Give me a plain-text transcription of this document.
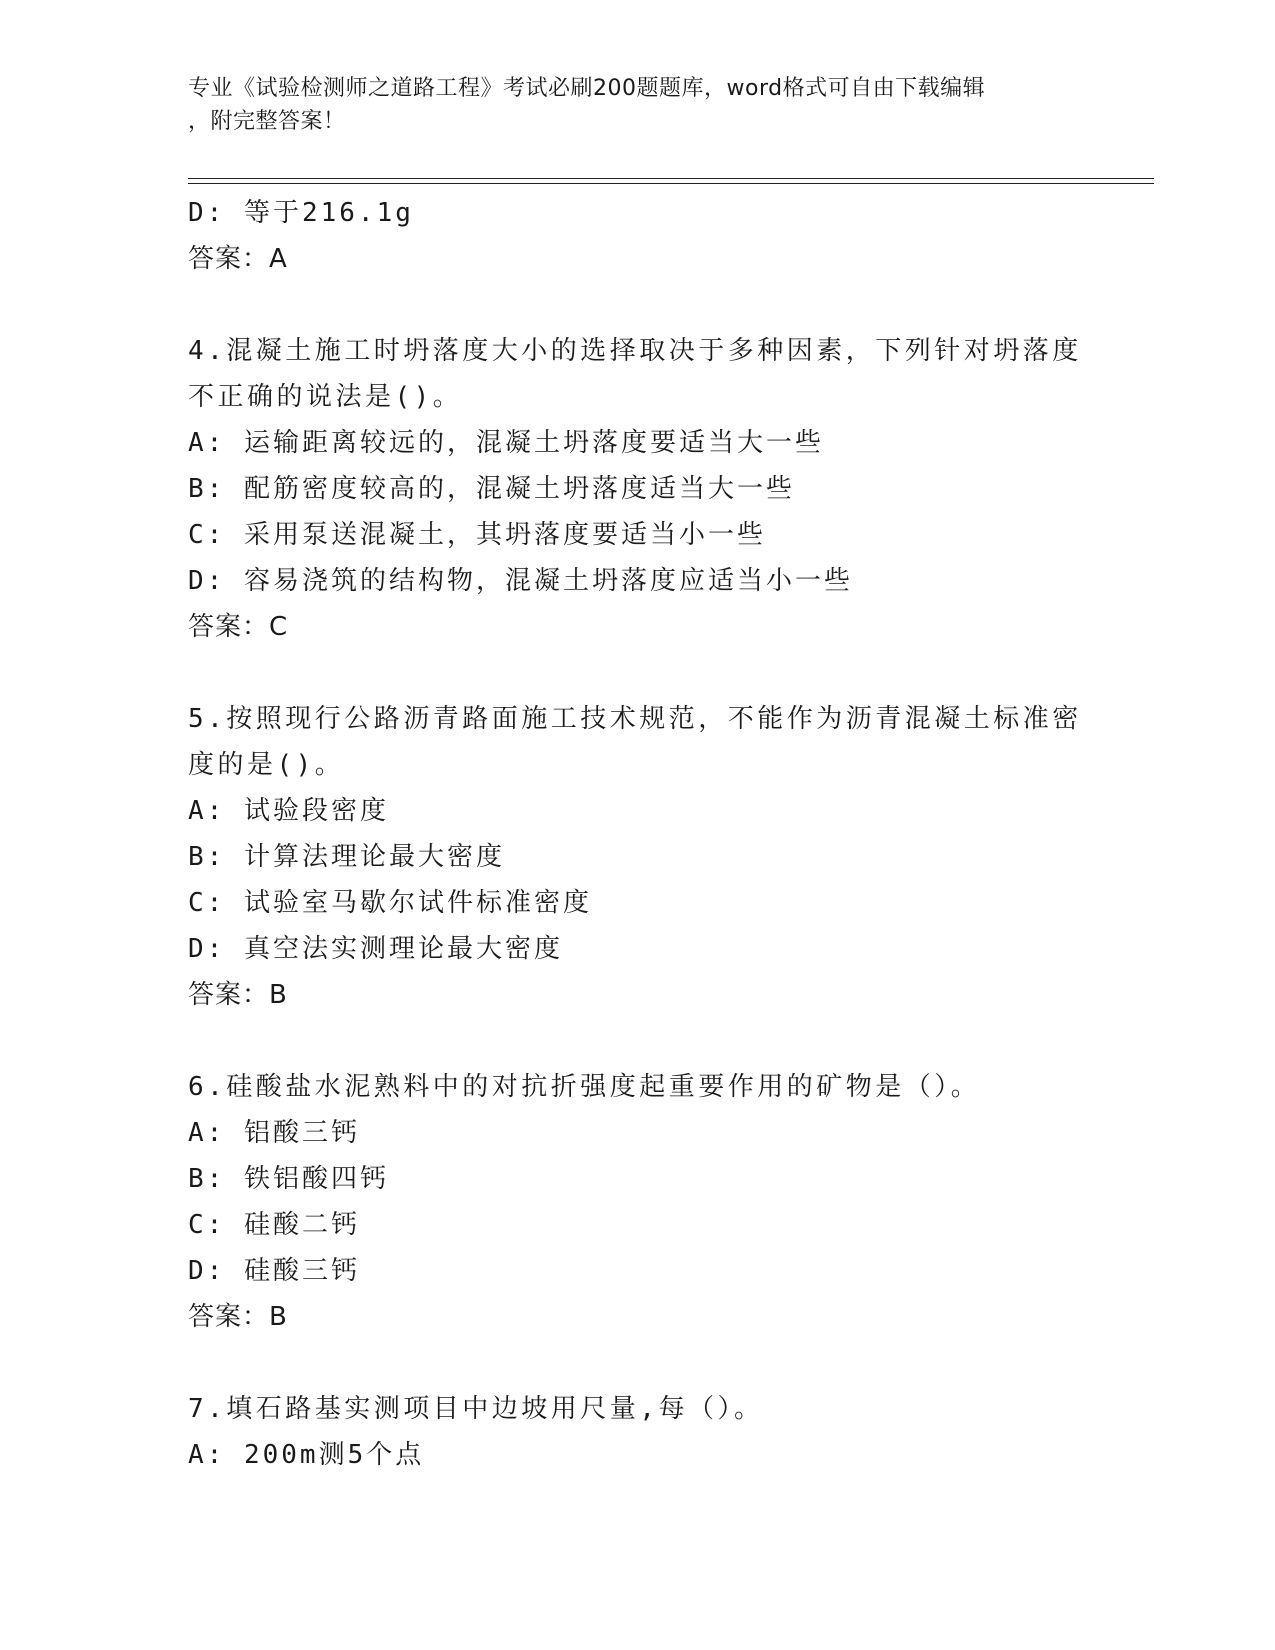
专业《试验检测师之道路工程》考试必刷200题题库，word格式可自由下载编辑
，附完整答案！
D: 等于216.1g
答案：A
4.混凝土施工时坍落度大小的选择取决于多种因素，下列针对坍落度
不正确的说法是()。
A: 运输距离较远的，混凝土坍落度要适当大一些
B: 配筋密度较高的，混凝土坍落度适当大一些
C: 采用泵送混凝土，其坍落度要适当小一些
D: 容易浇筑的结构物，混凝土坍落度应适当小一些
答案：C
5.按照现行公路沥青路面施工技术规范，不能作为沥青混凝土标准密
度的是()。
A: 试验段密度
B: 计算法理论最大密度
C: 试验室马歇尔试件标准密度
D: 真空法实测理论最大密度
答案：B
6.硅酸盐水泥熟料中的对抗折强度起重要作用的矿物是（）。
A: 铝酸三钙
B: 铁铝酸四钙
C: 硅酸二钙
D: 硅酸三钙
答案：B
7.填石路基实测项目中边坡用尺量,每（）。
A: 200m测5个点
